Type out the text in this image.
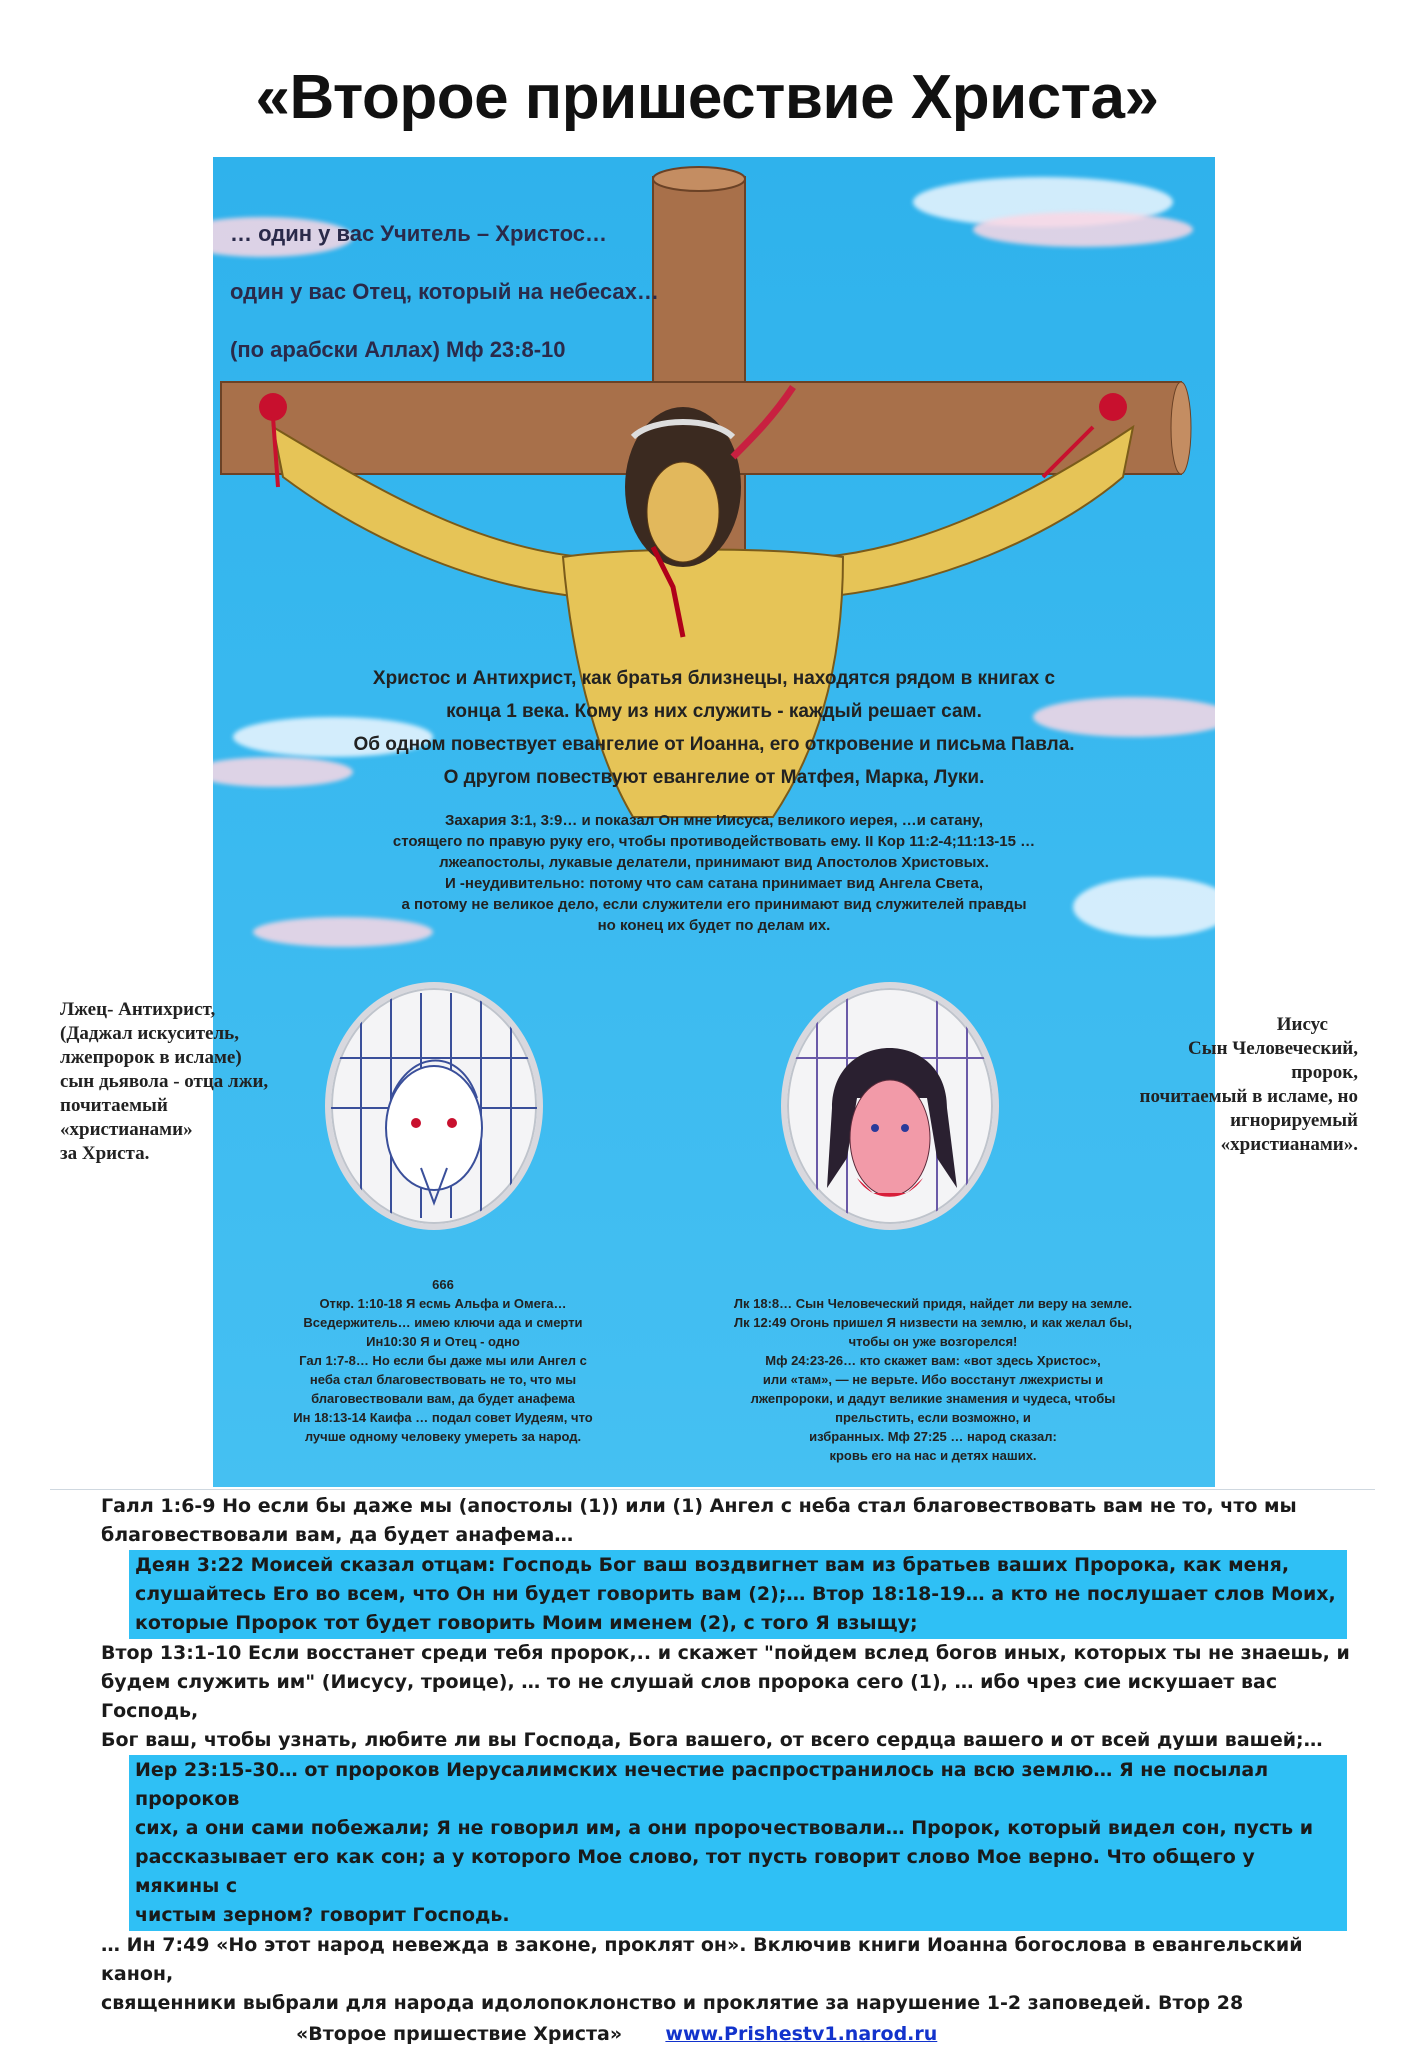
«Второе пришествие Христа»
… один у вас Учитель – Христос…
один у вас Отец, который на небесах…
(по арабски Аллах) Мф 23:8-10
Христос и Антихрист, как братья близнецы, находятся рядом в книгах с
конца 1 века. Кому из них служить - каждый решает сам.
Об одном повествует евангелие от Иоанна, его откровение и письма Павла.
О другом повествуют евангелие от Матфея, Марка, Луки.
Захария 3:1, 3:9… и показал Он мне Иисуса, великого иерея, …и сатану,
стоящего по правую руку его, чтобы противодействовать ему. II Кор 11:2-4;11:13-15 …
лжеапостолы, лукавые делатели, принимают вид Апостолов Христовых.
И -неудивительно: потому что сам сатана принимает вид Ангела Света,
а потому не великое дело, если служители его принимают вид служителей правды
но конец их будет по делам их.
666
Откр. 1:10-18 Я есмь Альфа и Омега…
Вседержитель… имею ключи ада и смерти
Ин10:30 Я и Отец - одно
Гал 1:7-8… Но если бы даже мы или Ангел с
неба стал благовествовать не то, что мы
благовествовали вам, да будет анафема
Ин 18:13-14 Каифа … подал совет Иудеям, что
лучше одному человеку умереть за народ.
Лк 18:8… Сын Человеческий придя, найдет ли веру на земле.
Лк 12:49 Огонь пришел Я низвести на землю, и как желал бы,
чтобы он уже возгорелся!
Мф 24:23-26… кто скажет вам: «вот здесь Христос»,
или «там», — не верьте. Ибо восстанут лжехристы и
лжепророки, и дадут великие знамения и чудеса, чтобы
прельстить, если возможно, и
избранных. Мф 27:25 … народ сказал:
кровь его на нас и детях наших.
Лжец- Антихрист,
(Даджал искуситель,
лжепророк в исламе)
сын дьявола - отца лжи,
почитаемый
«христианами»
за Христа.
Иисус
Сын Человеческий,
пророк,
почитаемый в исламе, но
игнорируемый
«христианами».
Галл 1:6-9 Но если бы даже мы (апостолы (1)) или (1) Ангел с неба стал благовествовать вам не то, что мы
благовествовали вам, да будет анафема…
Деян 3:22 Моисей сказал отцам: Господь Бог ваш воздвигнет вам из братьев ваших Пророка, как меня,
слушайтесь Его во всем, что Он ни будет говорить вам (2);… Втор 18:18-19… а кто не послушает слов Моих,
которые Пророк тот будет говорить Моим именем (2), с того Я взыщу;
Втор 13:1-10 Если восстанет среди тебя пророк,.. и скажет "пойдем вслед богов иных, которых ты не знаешь, и
будем служить им" (Иисусу, троице), … то не слушай слов пророка сего (1), … ибо чрез сие искушает вас Господь,
Бог ваш, чтобы узнать, любите ли вы Господа, Бога вашего, от всего сердца вашего и от всей души вашей;…
Иер 23:15-30… от пророков Иерусалимских нечестие распространилось на всю землю… Я не посылал пророков
сих, а они сами побежали; Я не говорил им, а они пророчествовали… Пророк, который видел сон, пусть и
рассказывает его как сон; а у которого Мое слово, тот пусть говорит слово Мое верно. Что общего у мякины с
чистым зерном? говорит Господь.
… Ин 7:49 «Но этот народ невежда в законе, проклят он». Включив книги Иоанна богослова в евангельский канон,
священники выбрали для народа идолопоклонство и проклятие за нарушение 1-2 заповедей. Втор 28
«Второе пришествие Христа» www.Prishestv1.narod.ru
